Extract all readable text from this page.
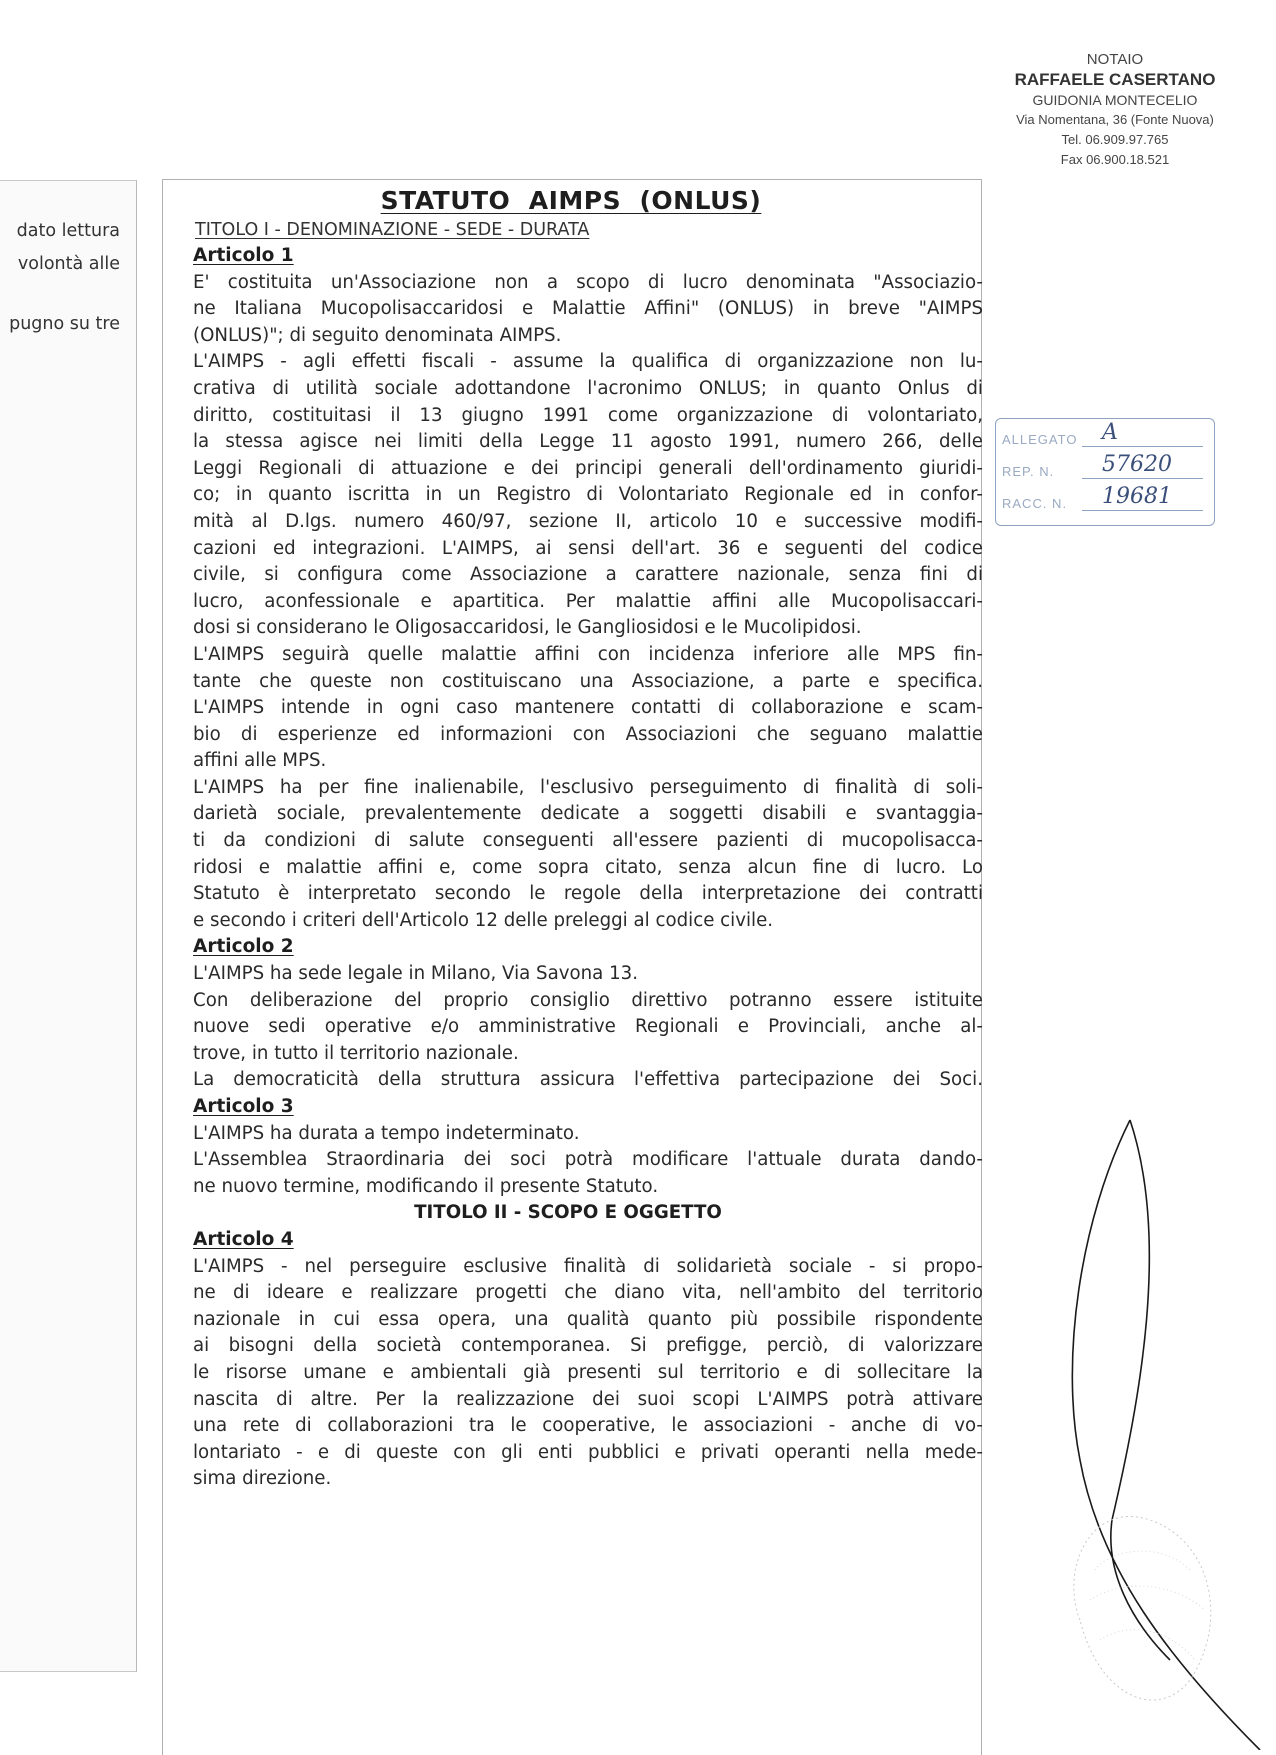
dato lettura
volontà alle
pugno su tre
NOTAIO
RAFFAELE CASERTANO
GUIDONIA MONTECELIO
Via Nomentana, 36 (Fonte Nuova)
Tel. 06.909.97.765
Fax 06.900.18.521
ALLEGATO	A
REP. N.	57620
RACC. N.	19681
STATUTO  AIMPS  (ONLUS)
TITOLO I - DENOMINAZIONE - SEDE - DURATA
Articolo 1
E' costituita un'Associazione non a scopo di lucro denominata "Associazio-
ne Italiana Mucopolisaccaridosi e Malattie Affini" (ONLUS) in breve "AIMPS
(ONLUS)"; di seguito denominata AIMPS.
L'AIMPS - agli effetti fiscali - assume la qualifica di organizzazione non lu-
crativa di utilità sociale adottandone l'acronimo ONLUS; in quanto Onlus di
diritto, costituitasi il 13 giugno 1991 come organizzazione di volontariato,
la stessa agisce nei limiti della Legge 11 agosto 1991, numero 266, delle
Leggi Regionali di attuazione e dei principi generali dell'ordinamento giuridi-
co; in quanto iscritta in un Registro di Volontariato Regionale ed in confor-
mità al D.lgs. numero 460/97, sezione II, articolo 10 e successive modifi-
cazioni ed integrazioni. L'AIMPS, ai sensi dell'art. 36 e seguenti del codice
civile, si configura come Associazione a carattere nazionale, senza fini di
lucro, aconfessionale e apartitica. Per malattie affini alle Mucopolisaccari-
dosi si considerano le Oligosaccaridosi, le Gangliosidosi e le Mucolipidosi.
L'AIMPS seguirà quelle malattie affini con incidenza inferiore alle MPS fin-
tante che queste non costituiscano una Associazione, a parte e specifica.
L'AIMPS intende in ogni caso mantenere contatti di collaborazione e scam-
bio di esperienze ed informazioni con Associazioni che seguano malattie
affini alle MPS.
L'AIMPS ha per fine inalienabile, l'esclusivo perseguimento di finalità di soli-
darietà sociale, prevalentemente dedicate a soggetti disabili e svantaggia-
ti da condizioni di salute conseguenti all'essere pazienti di mucopolisacca-
ridosi e malattie affini e, come sopra citato, senza alcun fine di lucro. Lo
Statuto è interpretato secondo le regole della interpretazione dei contratti
e secondo i criteri dell'Articolo 12 delle preleggi al codice civile.
Articolo 2
L'AIMPS ha sede legale in Milano, Via Savona 13.
Con deliberazione del proprio consiglio direttivo potranno essere istituite
nuove sedi operative e/o amministrative Regionali e Provinciali, anche al-
trove, in tutto il territorio nazionale.
La democraticità della struttura assicura l'effettiva partecipazione dei Soci.
Articolo 3
L'AIMPS ha durata a tempo indeterminato.
L'Assemblea Straordinaria dei soci potrà modificare l'attuale durata dando-
ne nuovo termine, modificando il presente Statuto.
TITOLO II - SCOPO E OGGETTO
Articolo 4
L'AIMPS - nel perseguire esclusive finalità di solidarietà sociale - si propo-
ne di ideare e realizzare progetti che diano vita, nell'ambito del territorio
nazionale in cui essa opera, una qualità quanto più possibile rispondente
ai bisogni della società contemporanea. Si prefigge, perciò, di valorizzare
le risorse umane e ambientali già presenti sul territorio e di sollecitare la
nascita di altre. Per la realizzazione dei suoi scopi L'AIMPS potrà attivare
una rete di collaborazioni tra le cooperative, le associazioni - anche di vo-
lontariato - e di queste con gli enti pubblici e privati operanti nella mede-
sima direzione.
